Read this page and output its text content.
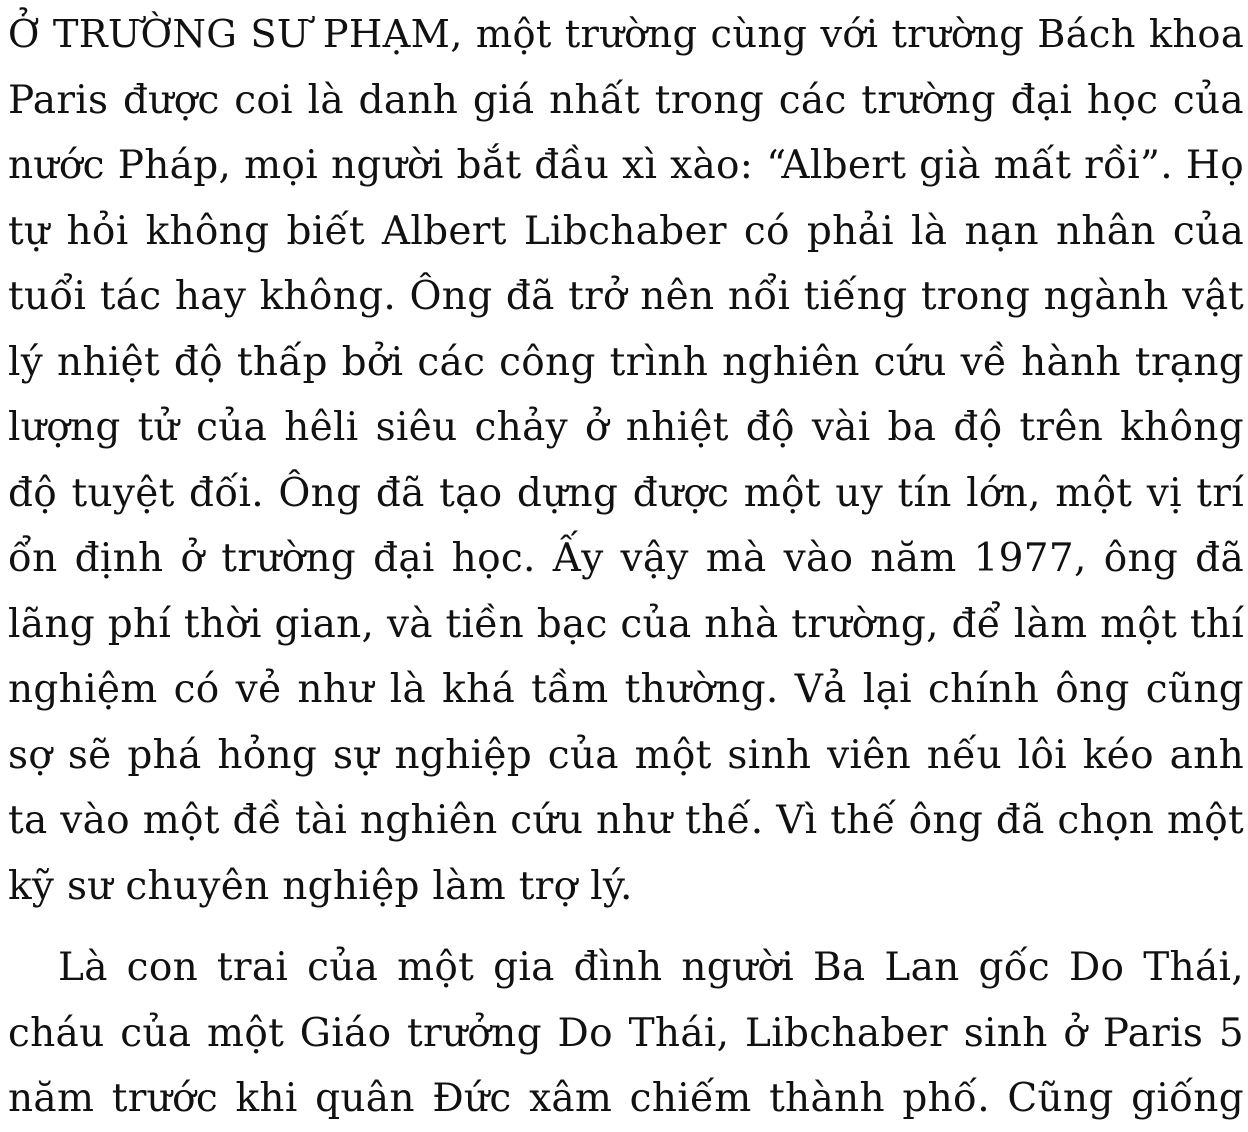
Ở TRƯỜNG SƯ PHẠM, một trường cùng với trường Bách khoa
Paris được coi là danh giá nhất trong các trường đại học của
nước Pháp, mọi người bắt đầu xì xào: “Albert già mất rồi”. Họ
tự hỏi không biết Albert Libchaber có phải là nạn nhân của
tuổi tác hay không. Ông đã trở nên nổi tiếng trong ngành vật
lý nhiệt độ thấp bởi các công trình nghiên cứu về hành trạng
lượng tử của hêli siêu chảy ở nhiệt độ vài ba độ trên không
độ tuyệt đối. Ông đã tạo dựng được một uy tín lớn, một vị trí
ổn định ở trường đại học. Ấy vậy mà vào năm 1977, ông đã
lãng phí thời gian, và tiền bạc của nhà trường, để làm một thí
nghiệm có vẻ như là khá tầm thường. Vả lại chính ông cũng
sợ sẽ phá hỏng sự nghiệp của một sinh viên nếu lôi kéo anh
ta vào một đề tài nghiên cứu như thế. Vì thế ông đã chọn một
kỹ sư chuyên nghiệp làm trợ lý.
Là con trai của một gia đình người Ba Lan gốc Do Thái,
cháu của một Giáo trưởng Do Thái, Libchaber sinh ở Paris 5
năm trước khi quân Đức xâm chiếm thành phố. Cũng giống
